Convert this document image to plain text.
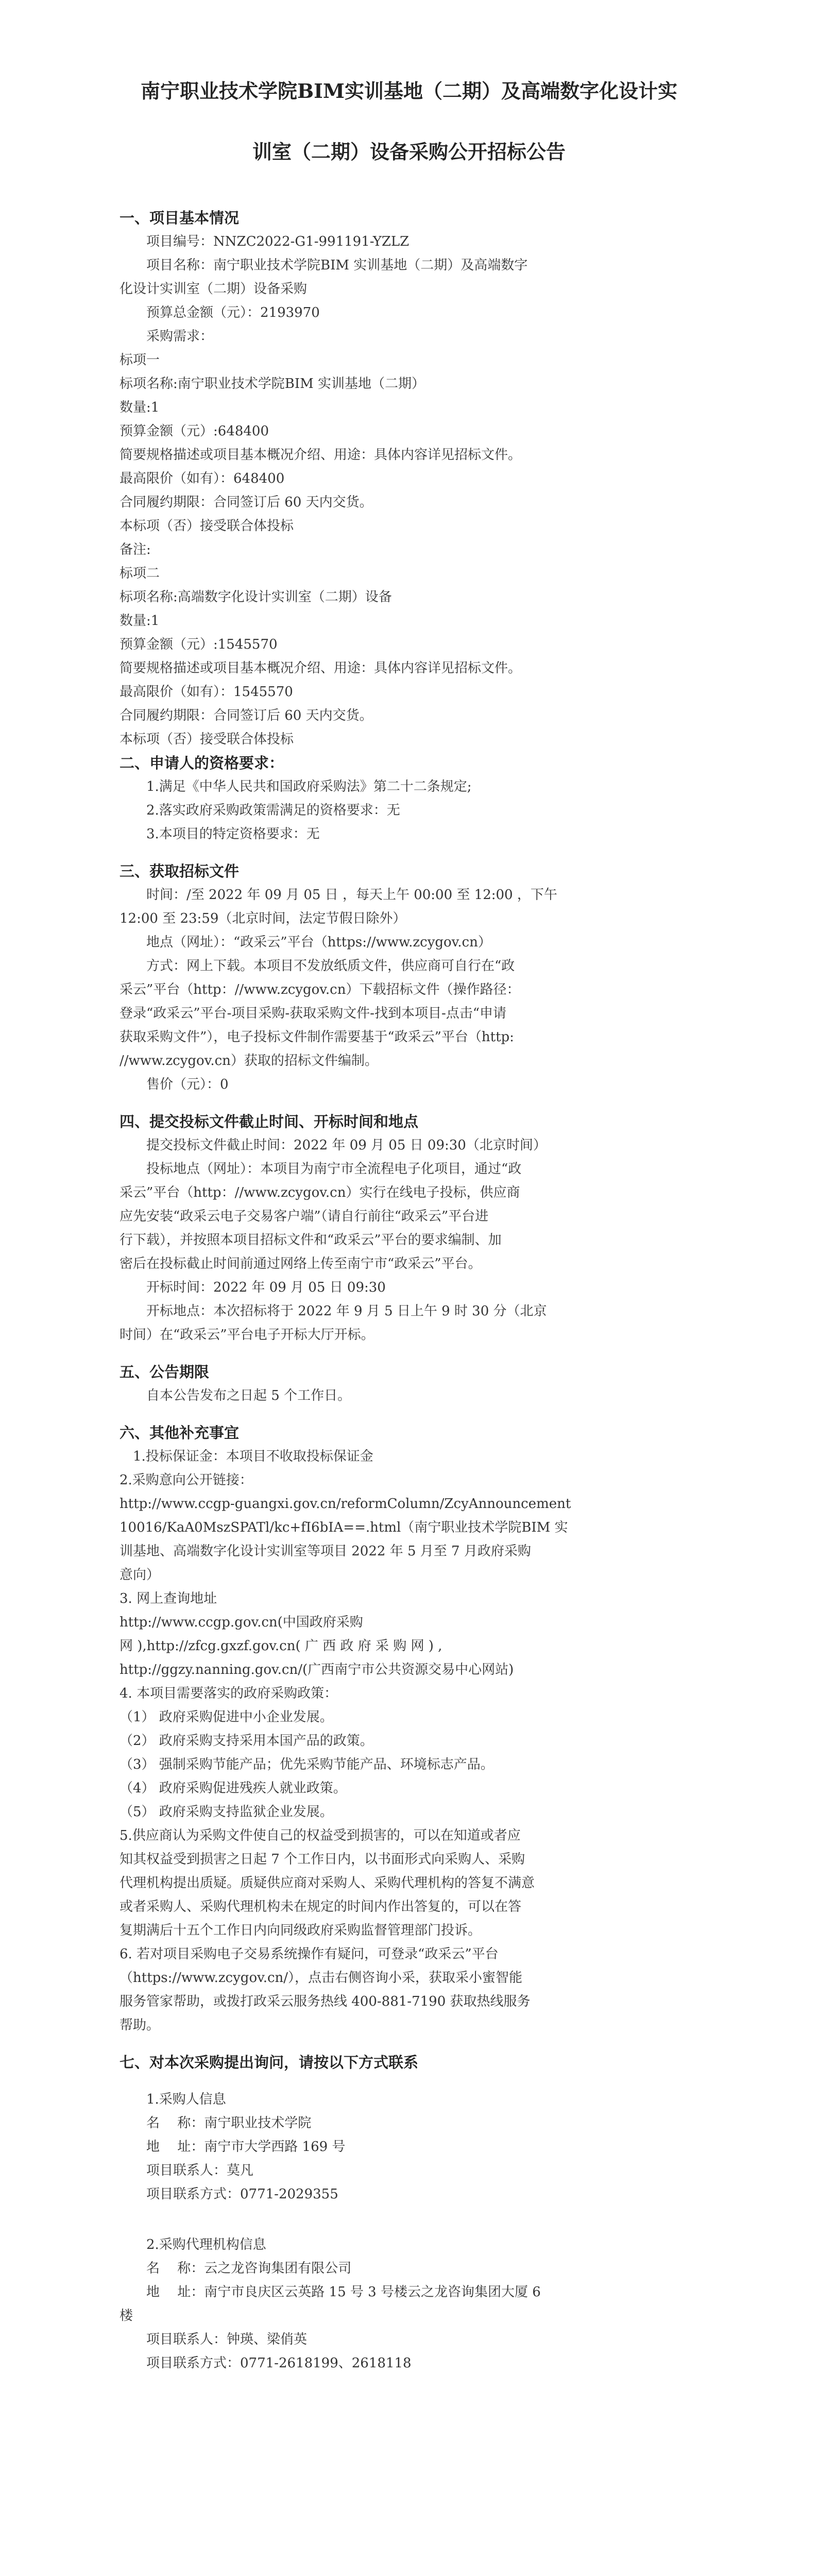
南宁职业技术学院BIM实训基地（二期）及高端数字化设计实
训室（二期）设备采购公开招标公告
一、项目基本情况

　　项目编号：NNZC2022-G1-991191-YZLZ

　　项目名称：南宁职业技术学院BIM 实训基地（二期）及高端数字

化设计实训室（二期）设备采购

　　预算总金额（元）：2193970

　　采购需求：

标项一

标项名称:南宁职业技术学院BIM 实训基地（二期）

数量:1

预算金额（元）:648400

简要规格描述或项目基本概况介绍、用途：具体内容详见招标文件。

最高限价（如有）：648400

合同履约期限：合同签订后 60 天内交货。

本标项（否）接受联合体投标

备注:

标项二

标项名称:高端数字化设计实训室（二期）设备

数量:1

预算金额（元）:1545570

简要规格描述或项目基本概况介绍、用途：具体内容详见招标文件。

最高限价（如有）：1545570

合同履约期限：合同签订后 60 天内交货。

本标项（否）接受联合体投标

二、申请人的资格要求：

1.满足《中华人民共和国政府采购法》第二十二条规定;

2.落实政府采购政策需满足的资格要求：无

3.本项目的特定资格要求：无

三、获取招标文件

　　时间：/至 2022 年 09 月 05 日 ，每天上午 00:00 至 12:00 ，下午

12:00 至 23:59（北京时间，法定节假日除外）

　　地点（网址）：“政采云”平台（https://www.zcygov.cn）

　　方式：网上下载。本项目不发放纸质文件，供应商可自行在“政

采云”平台（http：//www.zcygov.cn）下载招标文件（操作路径：

登录“政采云”平台-项目采购-获取采购文件-找到本项目-点击“申请

获取采购文件”），电子投标文件制作需要基于“政采云”平台（http:

//www.zcygov.cn）获取的招标文件编制。

　　售价（元）：0

四、提交投标文件截止时间、开标时间和地点

　　提交投标文件截止时间：2022 年 09 月 05 日 09:30（北京时间）

　　投标地点（网址）：本项目为南宁市全流程电子化项目，通过“政

采云”平台（http：//www.zcygov.cn）实行在线电子投标，供应商

应先安装“政采云电子交易客户端”（请自行前往“政采云”平台进

行下载），并按照本项目招标文件和“政采云”平台的要求编制、加

密后在投标截止时间前通过网络上传至南宁市“政采云”平台。

　　开标时间：2022 年 09 月 05 日 09:30

　　开标地点：本次招标将于 2022 年 9 月 5 日上午 9 时 30 分（北京

时间）在“政采云”平台电子开标大厅开标。

五、公告期限

　　自本公告发布之日起 5 个工作日。

六、其他补充事宜

　1.投标保证金：本项目不收取投标保证金

2.采购意向公开链接：

http://www.ccgp-guangxi.gov.cn/reformColumn/ZcyAnnouncement

10016/KaA0MszSPATl/kc+fI6bIA==.html（南宁职业技术学院BIM 实

训基地、高端数字化设计实训室等项目 2022 年 5 月至 7 月政府采购

意向）

3. 网上查询地址

http://www.ccgp.gov.cn(中国政府采购

网 ),http://zfcg.gxzf.gov.cn( 广 西 政 府 采 购 网 ) ,

http://ggzy.nanning.gov.cn/(广西南宁市公共资源交易中心网站)

4. 本项目需要落实的政府采购政策：

（1） 政府采购促进中小企业发展。

（2） 政府采购支持采用本国产品的政策。

（3） 强制采购节能产品；优先采购节能产品、环境标志产品。

（4） 政府采购促进残疾人就业政策。

（5） 政府采购支持监狱企业发展。

5.供应商认为采购文件使自己的权益受到损害的，可以在知道或者应

知其权益受到损害之日起 7 个工作日内，以书面形式向采购人、采购

代理机构提出质疑。质疑供应商对采购人、采购代理机构的答复不满意

或者采购人、采购代理机构未在规定的时间内作出答复的，可以在答

复期满后十五个工作日内向同级政府采购监督管理部门投诉。

6. 若对项目采购电子交易系统操作有疑问，可登录“政采云”平台

（https://www.zcygov.cn/），点击右侧咨询小采，获取采小蜜智能

服务管家帮助，或拨打政采云服务热线 400-881-7190 获取热线服务

帮助。

七、对本次采购提出询问，请按以下方式联系

1.采购人信息

　　名　 称：南宁职业技术学院

　　地　 址：南宁市大学西路 169 号

　　项目联系人：莫凡

　　项目联系方式：0771-2029355

2.采购代理机构信息

　　名　 称：云之龙咨询集团有限公司

　　地　 址：南宁市良庆区云英路 15 号 3 号楼云之龙咨询集团大厦 6

楼

　　项目联系人：钟瑛、梁俏英

　　项目联系方式：0771-2618199、2618118
